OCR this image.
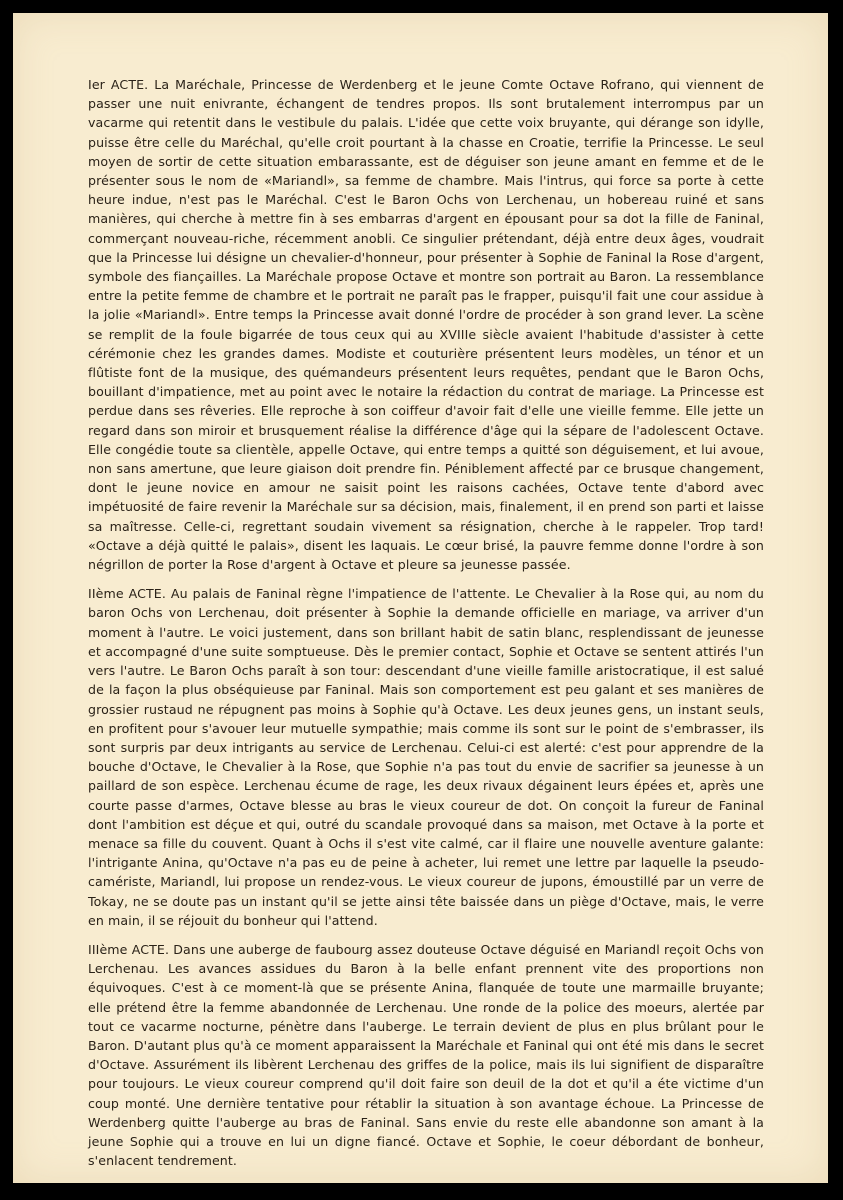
Ier ACTE. La Maréchale, Princesse de Werdenberg et le jeune Comte Octave Rofrano, qui viennent de passer une nuit enivrante, échangent de tendres propos. Ils sont brutalement interrompus par un vacarme qui retentit dans le vestibule du palais. L'idée que cette voix bruyante, qui dérange son idylle, puisse être celle du Maréchal, qu'elle croit pourtant à la chasse en Croatie, terrifie la Princesse. Le seul moyen de sortir de cette situation embarassante, est de déguiser son jeune amant en femme et de le présenter sous le nom de «Mariandl», sa femme de chambre. Mais l'intrus, qui force sa porte à cette heure indue, n'est pas le Maréchal. C'est le Baron Ochs von Lerchenau, un hobereau ruiné et sans manières, qui cherche à mettre fin à ses embarras d'argent en épousant pour sa dot la fille de Faninal, commerçant nouveau-riche, récemment anobli. Ce singulier prétendant, déjà entre deux âges, voudrait que la Princesse lui désigne un chevalier-d'honneur, pour présenter à Sophie de Faninal la Rose d'argent, symbole des fiançailles. La Maréchale propose Octave et montre son portrait au Baron. La ressemblance entre la petite femme de chambre et le portrait ne paraît pas le frapper, puisqu'il fait une cour assidue à la jolie «Mariandl». Entre temps la Princesse avait donné l'ordre de procéder à son grand lever. La scène se remplit de la foule bigarrée de tous ceux qui au XVIIIe siècle avaient l'habitude d'assister à cette cérémonie chez les grandes dames. Modiste et couturière présentent leurs modèles, un ténor et un flûtiste font de la musique, des quémandeurs présentent leurs requêtes, pendant que le Baron Ochs, bouillant d'impatience, met au point avec le notaire la rédaction du contrat de mariage. La Princesse est perdue dans ses rêveries. Elle reproche à son coiffeur d'avoir fait d'elle une vieille femme. Elle jette un regard dans son miroir et brusquement réalise la différence d'âge qui la sépare de l'adolescent Octave. Elle congédie toute sa clientèle, appelle Octave, qui entre temps a quitté son déguisement, et lui avoue, non sans amertune, que leure giaison doit prendre fin. Péniblement affecté par ce brusque changement, dont le jeune novice en amour ne saisit point les raisons cachées, Octave tente d'abord avec impétuosité de faire revenir la Maréchale sur sa décision, mais, finalement, il en prend son parti et laisse sa maîtresse. Celle-ci, regrettant soudain vivement sa résignation, cherche à le rappeler. Trop tard! «Octave a déjà quitté le palais», disent les laquais. Le cœur brisé, la pauvre femme donne l'ordre à son négrillon de porter la Rose d'argent à Octave et pleure sa jeunesse passée.

IIème ACTE. Au palais de Faninal règne l'impatience de l'attente. Le Chevalier à la Rose qui, au nom du baron Ochs von Lerchenau, doit présenter à Sophie la demande officielle en mariage, va arriver d'un moment à l'autre. Le voici justement, dans son brillant habit de satin blanc, resplendissant de jeunesse et accompagné d'une suite somptueuse. Dès le premier contact, Sophie et Octave se sentent attirés l'un vers l'autre. Le Baron Ochs paraît à son tour: descendant d'une vieille famille aristocratique, il est salué de la façon la plus obséquieuse par Faninal. Mais son comportement est peu galant et ses manières de grossier rustaud ne répugnent pas moins à Sophie qu'à Octave. Les deux jeunes gens, un instant seuls, en profitent pour s'avouer leur mutuelle sympathie; mais comme ils sont sur le point de s'embrasser, ils sont surpris par deux intrigants au service de Lerchenau. Celui-ci est alerté: c'est pour apprendre de la bouche d'Octave, le Chevalier à la Rose, que Sophie n'a pas tout du envie de sacrifier sa jeunesse à un paillard de son espèce. Lerchenau écume de rage, les deux rivaux dégainent leurs épées et, après une courte passe d'armes, Octave blesse au bras le vieux coureur de dot. On conçoit la fureur de Faninal dont l'ambition est déçue et qui, outré du scandale provoqué dans sa maison, met Octave à la porte et menace sa fille du couvent. Quant à Ochs il s'est vite calmé, car il flaire une nouvelle aventure galante: l'intrigante Anina, qu'Octave n'a pas eu de peine à acheter, lui remet une lettre par laquelle la pseudo-camériste, Mariandl, lui propose un rendez-vous. Le vieux coureur de jupons, émoustillé par un verre de Tokay, ne se doute pas un instant qu'il se jette ainsi tête baissée dans un piège d'Octave, mais, le verre en main, il se réjouit du bonheur qui l'attend.

IIIème ACTE. Dans une auberge de faubourg assez douteuse Octave déguisé en Mariandl reçoit Ochs von Lerchenau. Les avances assidues du Baron à la belle enfant prennent vite des proportions non équivoques. C'est à ce moment-là que se présente Anina, flanquée de toute une marmaille bruyante; elle prétend être la femme abandonnée de Lerchenau. Une ronde de la police des moeurs, alertée par tout ce vacarme nocturne, pénètre dans l'auberge. Le terrain devient de plus en plus brûlant pour le Baron. D'autant plus qu'à ce moment apparaissent la Maréchale et Faninal qui ont été mis dans le secret d'Octave. Assurément ils libèrent Lerchenau des griffes de la police, mais ils lui signifient de disparaître pour toujours. Le vieux coureur comprend qu'il doit faire son deuil de la dot et qu'il a éte victime d'un coup monté. Une dernière tentative pour rétablir la situation à son avantage échoue. La Princesse de Werdenberg quitte l'auberge au bras de Faninal. Sans envie du reste elle abandonne son amant à la jeune Sophie qui a trouve en lui un digne fiancé. Octave et Sophie, le coeur débordant de bonheur, s'enlacent tendrement.
